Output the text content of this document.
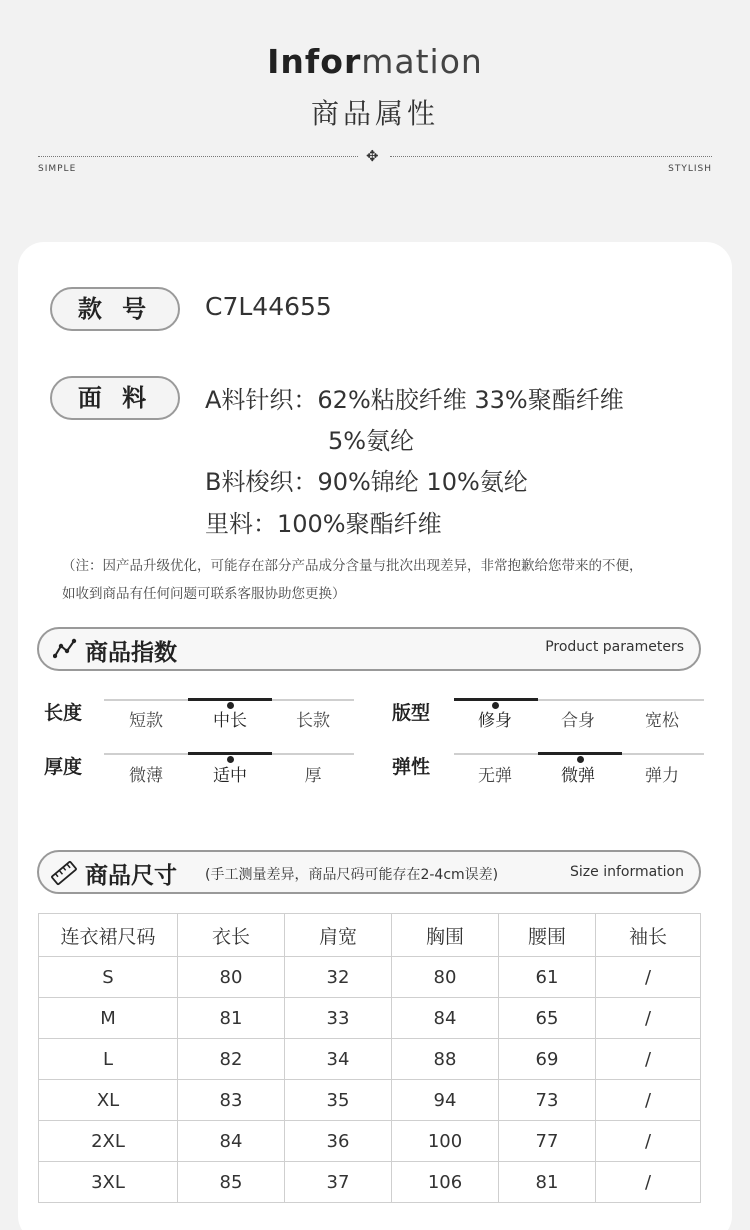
Information
商品属性
✥
SIMPLE	STYLISH
款 号	C7L44655
面 料	A料针织：62%粘胶纤维 33%聚酯纤维
5%氨纶
B料梭织：90%锦纶 10%氨纶
里料：100%聚酯纤维
（注：因产品升级优化，可能存在部分产品成分含量与批次出现差异，非常抱歉给您带来的不便，
如收到商品有任何问题可联系客服协助您更换）
商品指数	Product parameters
长度	短款	中长	长款	版型	修身	合身	宽松
厚度	微薄	适中	厚	弹性	无弹	微弹	弹力
商品尺寸 (手工测量差异，商品尺码可能存在2-4cm误差)	Size information
连衣裙尺码	衣长	肩宽	胸围	腰围	袖长
S	80	32	80	61	/
M	81	33	84	65	/
L	82	34	88	69	/
XL	83	35	94	73	/
2XL	84	36	100	77	/
3XL	85	37	106	81	/
